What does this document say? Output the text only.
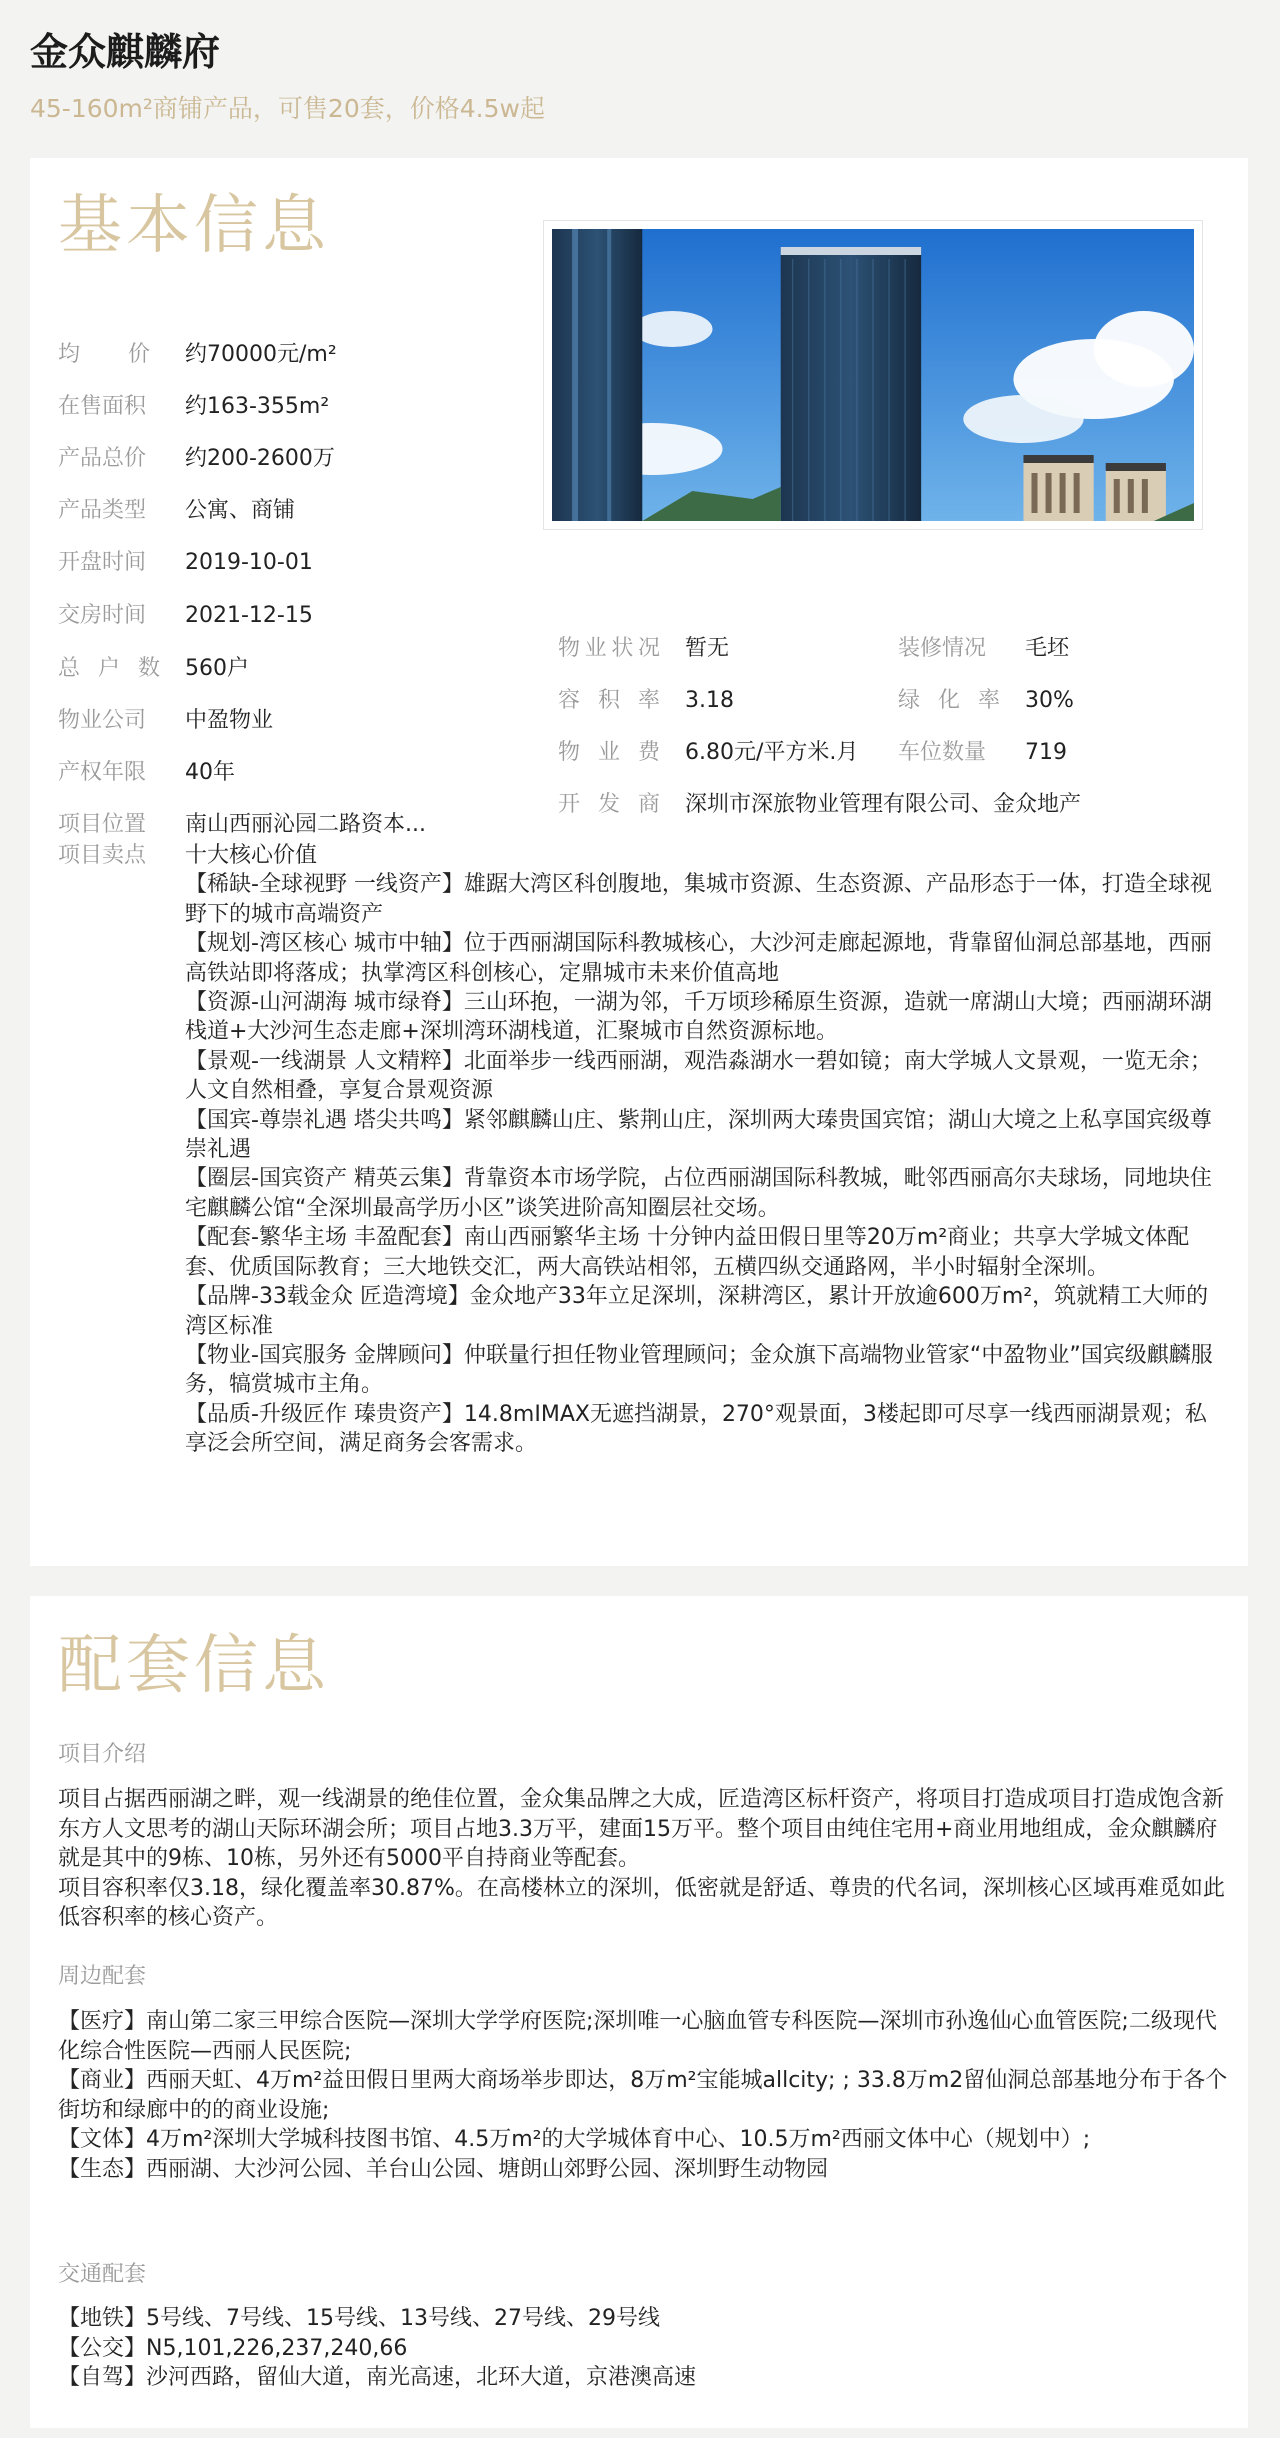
金众麒麟府
45-160m²商铺产品，可售20套，价格4.5w起
基本信息
均价 约70000元/m²
在售面积	约163-355m²
产品总价	约200-2600万
产品类型	公寓、商铺
开盘时间	2019-10-01
交房时间	2021-12-15
总户数 560户
物业公司	中盈物业
产权年限	40年
项目位置	南山西丽沁园二路资本...
物业状况 暂无
容积率 3.18
物业费 6.80元/平方米.月
开发商 深圳市深旅物业管理有限公司、金众地产
装修情况	毛坯
绿化率 30%
车位数量	719
项目卖点	十大核心价值

【稀缺-全球视野 一线资产】雄踞大湾区科创腹地，集城市资源、生态资源、产品形态于一体，打造全球视野下的城市高端资产

【规划-湾区核心 城市中轴】位于西丽湖国际科教城核心，大沙河走廊起源地，背靠留仙洞总部基地，西丽高铁站即将落成；执掌湾区科创核心，定鼎城市未来价值高地

【资源-山河湖海 城市绿脊】三山环抱，一湖为邻，千万顷珍稀原生资源，造就一席湖山大境；西丽湖环湖栈道+大沙河生态走廊+深圳湾环湖栈道，汇聚城市自然资源标地。

【景观-一线湖景 人文精粹】北面举步一线西丽湖，观浩淼湖水一碧如镜；南大学城人文景观，一览无余；人文自然相叠，享复合景观资源

【国宾-尊崇礼遇 塔尖共鸣】紧邻麒麟山庄、紫荆山庄，深圳两大瑧贵国宾馆；湖山大境之上私享国宾级尊崇礼遇

【圈层-国宾资产 精英云集】背靠资本市场学院，占位西丽湖国际科教城，毗邻西丽高尔夫球场，同地块住宅麒麟公馆“全深圳最高学历小区”谈笑进阶高知圈层社交场。

【配套-繁华主场 丰盈配套】南山西丽繁华主场 十分钟内益田假日里等20万m²商业；共享大学城文体配套、优质国际教育；三大地铁交汇，两大高铁站相邻，五横四纵交通路网，半小时辐射全深圳。

【品牌-33载金众 匠造湾境】金众地产33年立足深圳，深耕湾区，累计开放逾600万m²，筑就精工大师的湾区标准

【物业-国宾服务 金牌顾问】仲联量行担任物业管理顾问；金众旗下高端物业管家“中盈物业”国宾级麒麟服务，犒赏城市主角。

【品质-升级匠作 瑧贵资产】14.8mIMAX无遮挡湖景，270°观景面，3楼起即可尽享一线西丽湖景观；私享泛会所空间，满足商务会客需求。

配套信息
项目介绍

项目占据西丽湖之畔，观一线湖景的绝佳位置，金众集品牌之大成，匠造湾区标杆资产，将项目打造成项目打造成饱含新东方人文思考的湖山天际环湖会所；项目占地3.3万平，建面15万平。整个项目由纯住宅用+商业用地组成，金众麒麟府就是其中的9栋、10栋，另外还有5000平自持商业等配套。

项目容积率仅3.18，绿化覆盖率30.87%。在高楼林立的深圳，低密就是舒适、尊贵的代名词，深圳核心区域再难觅如此低容积率的核心资产。

周边配套

【医疗】南山第二家三甲综合医院—深圳大学学府医院;深圳唯一心脑血管专科医院—深圳市孙逸仙心血管医院;二级现代化综合性医院—西丽人民医院;

【商业】西丽天虹、4万m²益田假日里两大商场举步即达，8万m²宝能城allcity; ; 33.8万m2留仙洞总部基地分布于各个街坊和绿廊中的的商业设施;

【文体】4万m²深圳大学城科技图书馆、4.5万m²的大学城体育中心、10.5万m²西丽文体中心（规划中）;

【生态】西丽湖、大沙河公园、羊台山公园、塘朗山郊野公园、深圳野生动物园

交通配套

【地铁】5号线、7号线、15号线、13号线、27号线、29号线

【公交】N5,101,226,237,240,66

【自驾】沙河西路，留仙大道，南光高速，北环大道，京港澳高速
